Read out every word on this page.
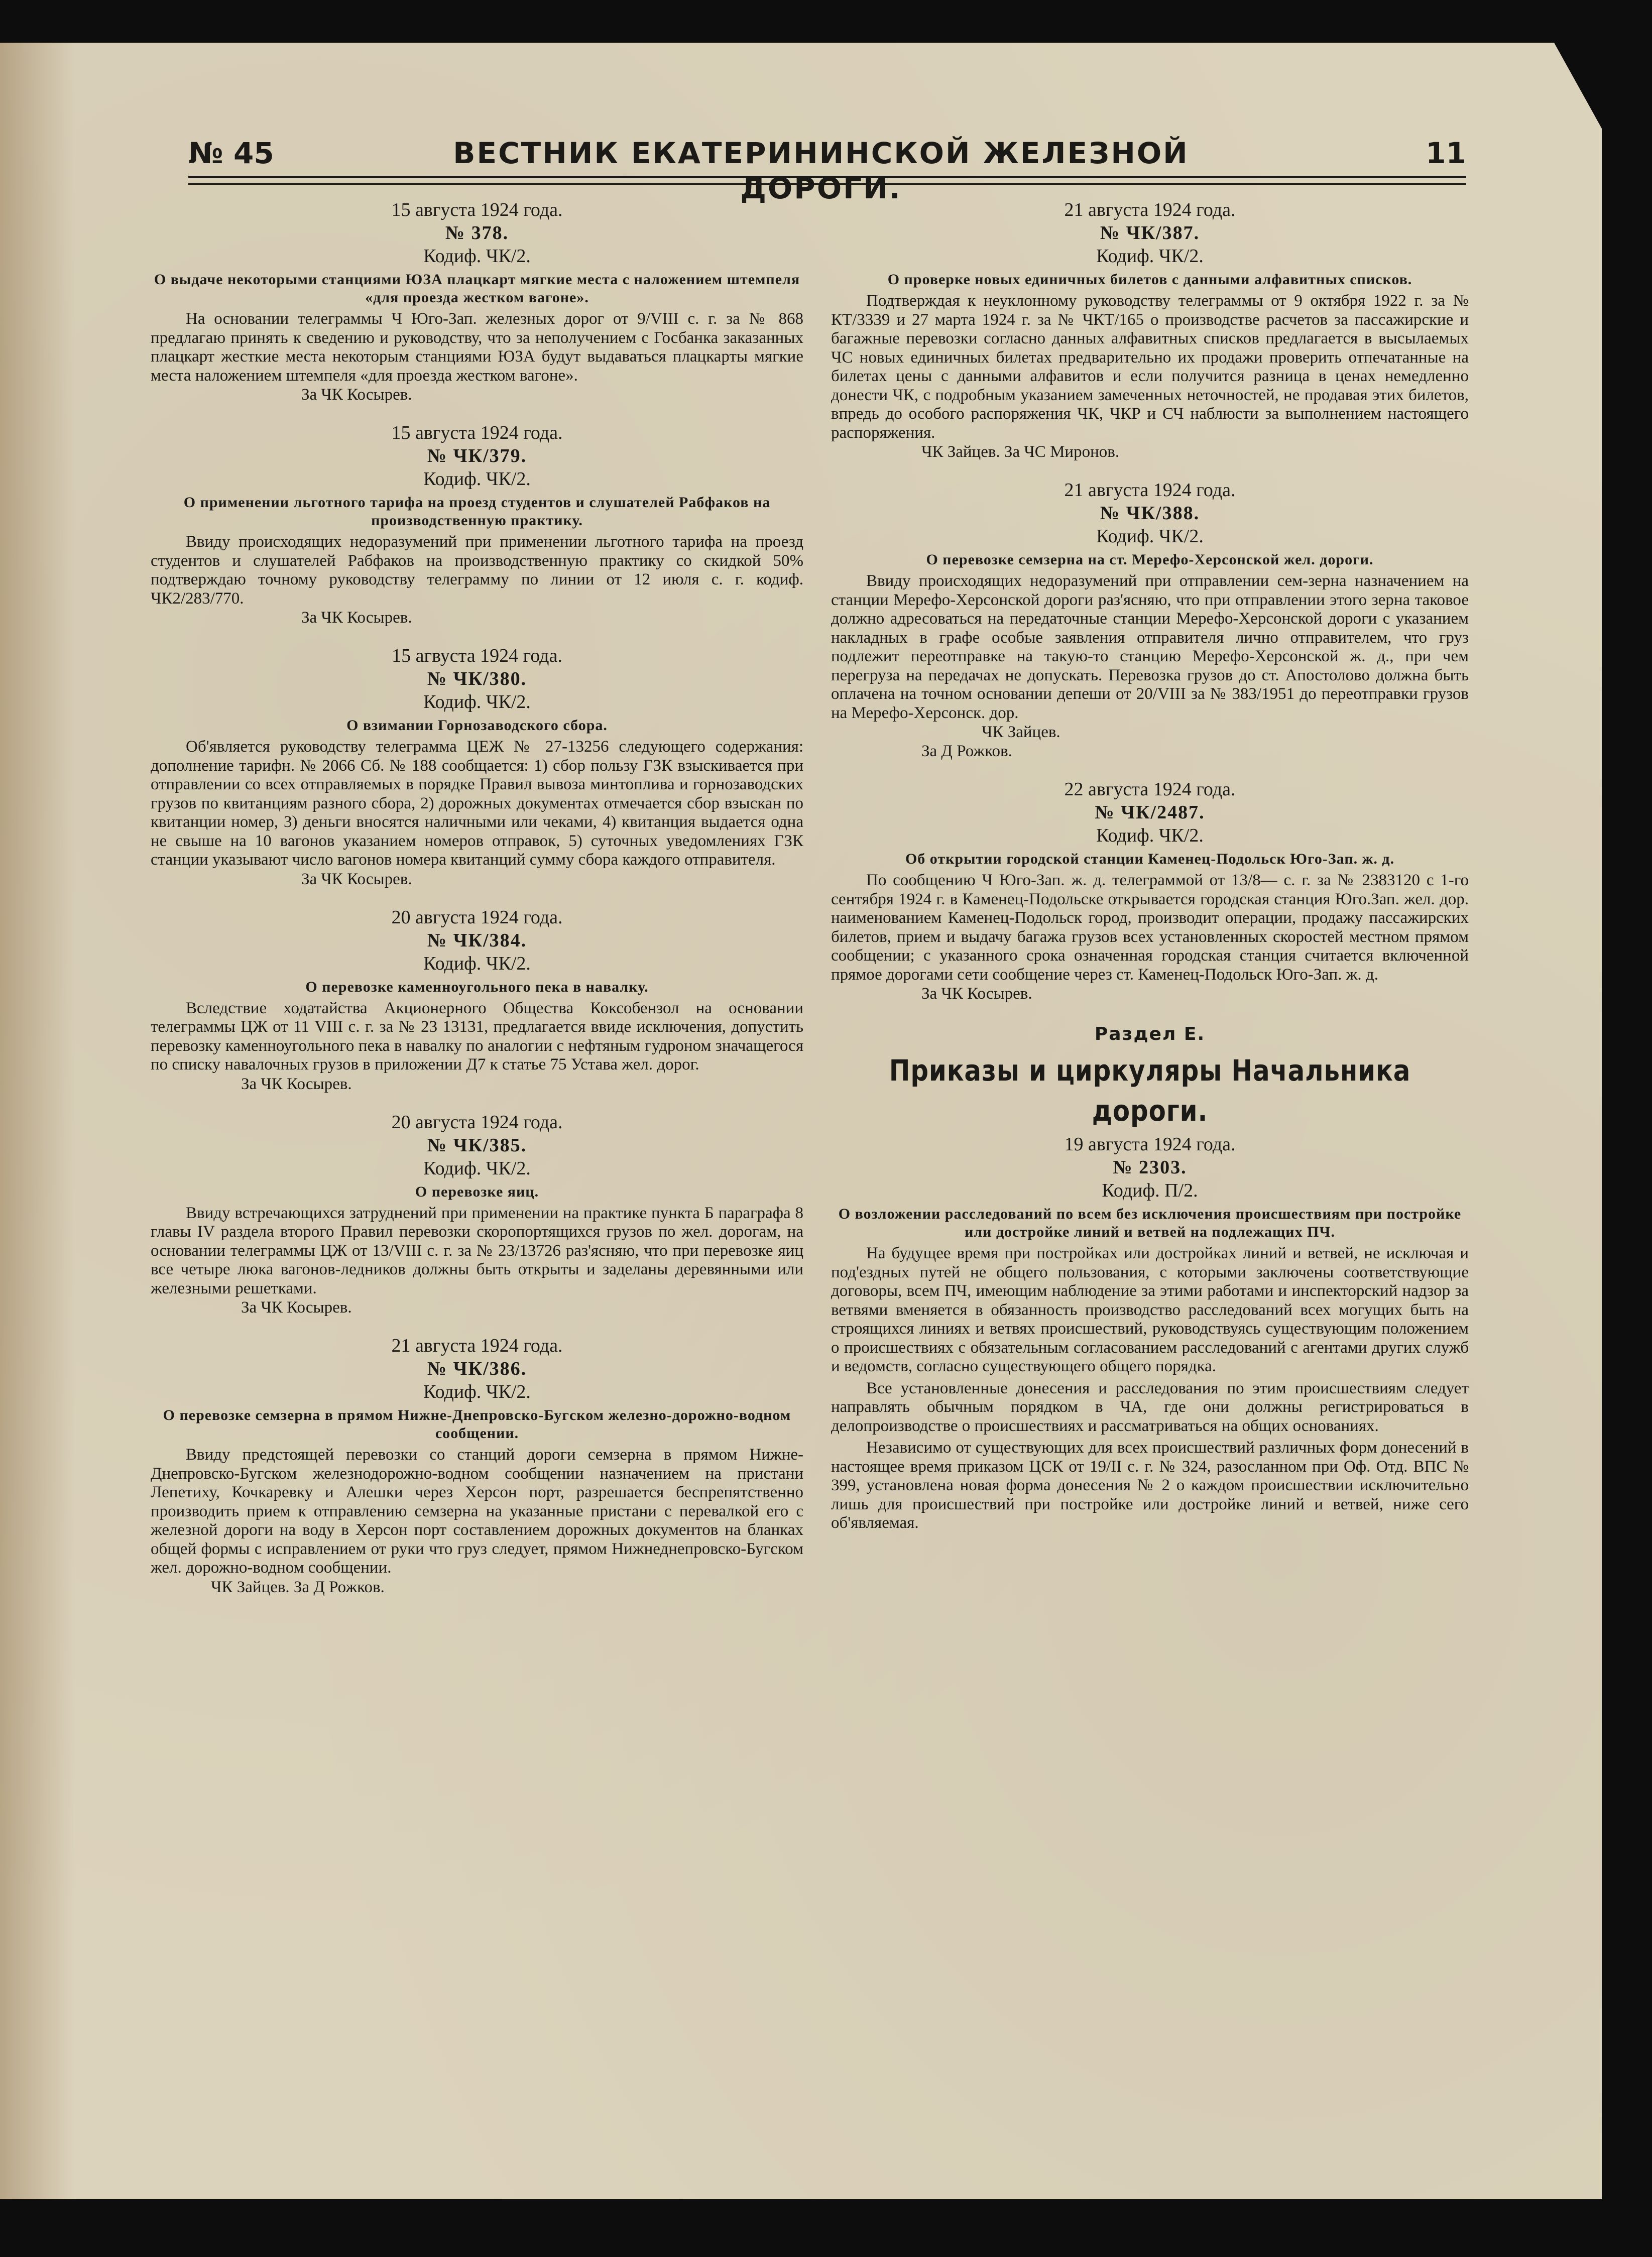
№ 45	ВЕСТНИК ЕКАТЕРИНИНСКОЙ ЖЕЛЕЗНОЙ ДОРОГИ.
11

15 августа 1924 года.

№ 378.

Кодиф. ЧК/2.

О выдаче некоторыми станциями ЮЗА плацкарт мягкие места с наложением штемпеля «для проезда жестком вагоне».

На основании телеграммы Ч Юго-Зап. железных дорог от 9/VIII с. г. за № 868 предлагаю принять к сведению и руководству, что за неполучением с Госбанка заказанных плацкарт жесткие места некоторым станциями ЮЗА будут выдаваться плацкарты мягкие места наложением штемпеля «для проезда жестком вагоне».

За ЧК Косырев.

15 августа 1924 года.

№ ЧК/379.

Кодиф. ЧК/2.

О применении льготного тарифа на проезд студентов и слушателей Рабфаков на производственную практику.

Ввиду происходящих недоразумений при применении льготного тарифа на проезд студентов и слушателей Рабфаков на производственную практику со скидкой 50% подтверждаю точному руководству телеграмму по линии от 12 июля с. г. кодиф. ЧК2/283/770.

За ЧК Косырев.

15 агвуста 1924 года.

№ ЧК/380.

Кодиф. ЧК/2.

О взимании Горнозаводского сбора.

Об'является руководству телеграмма ЦЕЖ № 27-13256 следующего содержания: дополнение тарифн. № 2066 Сб. № 188 сообщается: 1) сбор пользу ГЗК взыскивается при отправлении со всех отправляемых в порядке Правил вывоза минтоплива и горнозаводских грузов по квитанциям разного сбора, 2) дорожных документах отмечается сбор взыскан по квитанции номер, 3) деньги вносятся наличными или чеками, 4) квитанция выдается одна не свыше на 10 вагонов указанием номеров отправок, 5) суточных уведомлениях ГЗК станции указывают число вагонов номера квитанций сумму сбора каждого отправителя.

За ЧК Косырев.

20 августа 1924 года.

№ ЧК/384.

Кодиф. ЧК/2.

О перевозке каменноугольного пека в навалку.

Вследствие ходатайства Акционерного Общества Коксобензол на основании телеграммы ЦЖ от 11 VIII с. г. за № 23 13131, предлагается ввиде исключения, допустить перевозку каменноугольного пека в навалку по аналогии с нефтяным гудроном значащегося по списку навалочных грузов в приложении Д7 к статье 75 Устава жел. дорог.

За ЧК Косырев.

20 августа 1924 года.

№ ЧК/385.

Кодиф. ЧК/2.

О перевозке яиц.

Ввиду встречающихся затруднений при применении на практике пункта Б параграфа 8 главы IV раздела второго Правил перевозки скоропортящихся грузов по жел. дорогам, на основании телеграммы ЦЖ от 13/VIII с. г. за № 23/13726 раз'ясняю, что при перевозке яиц все четыре люка вагонов-ледников должны быть открыты и заделаны деревянными или железными решетками.

За ЧК Косырев.

21 августа 1924 года.

№ ЧК/386.

Кодиф. ЧК/2.

О перевозке семзерна в прямом Нижне-Днепровско-Бугском железно-дорожно-водном сообщении.

Ввиду предстоящей перевозки со станций дороги семзерна в прямом Нижне-Днепровско-Бугском железнодорожно-водном сообщении назначением на пристани Лепетиху, Кочкаревку и Алешки через Херсон порт, разрешается беспрепятственно производить прием к отправлению семзерна на указанные пристани с перевалкой его с железной дороги на воду в Херсон порт составлением дорожных документов на бланках общей формы с исправлением от руки что груз следует, прямом Нижнеднепровско-Бугском жел. дорожно-водном сообщении.

ЧК Зайцев. За Д Рожков.

21 августа 1924 года.

№ ЧК/387.

Кодиф. ЧК/2.

О проверке новых единичных билетов с данными алфавитных списков.

Подтверждая к неуклонному руководству телеграммы от 9 октября 1922 г. за № КТ/3339 и 27 марта 1924 г. за № ЧКТ/165 о производстве расчетов за пассажирские и багажные перевозки согласно данных алфавитных списков предлагается в высылаемых ЧС новых единичных билетах предварительно их продажи проверить отпечатанные на билетах цены с данными алфавитов и если получится разница в ценах немедленно донести ЧК, с подробным указанием замеченных неточностей, не продавая этих билетов, впредь до особого распоряжения ЧК, ЧКР и СЧ наблюсти за выполнением настоящего распоряжения.

ЧК Зайцев. За ЧС Миронов.

21 августа 1924 года.

№ ЧК/388.

Кодиф. ЧК/2.

О перевозке семзерна на ст. Мерефо-Херсонской жел. дороги.

Ввиду происходящих недоразумений при отправлении сем-зерна назначением на станции Мерефо-Херсонской дороги раз'ясняю, что при отправлении этого зерна таковое должно адресоваться на передаточные станции Мерефо-Херсонской дороги с указанием накладных в графе особые заявления отправителя лично отправителем, что груз подлежит переотправке на такую-то станцию Мерефо-Херсонской ж. д., при чем перегруза на передачах не допускать. Перевозка грузов до ст. Апостолово должна быть оплачена на точном основании депеши от 20/VIII за № 383/1951 до переотправки грузов на Мерефо-Херсонск. дор.

ЧК Зайцев.

За Д Рожков.

22 августа 1924 года.

№ ЧК/2487.

Кодиф. ЧК/2.

Об открытии городской станции Каменец-Подольск Юго-Зап. ж. д.

По сообщению Ч Юго-Зап. ж. д. телеграммой от 13/8— с. г. за № 2383120 с 1-го сентября 1924 г. в Каменец-Подольске открывается городская станция Юго.Зап. жел. дор. наименованием Каменец-Подольск город, производит операции, продажу пассажирских билетов, прием и выдачу багажа грузов всех установленных скоростей местном прямом сообщении; с указанного срока означенная городская станция считается включенной прямое дорогами сети сообщение через ст. Каменец-Подольск Юго-Зап. ж. д.

За ЧК Косырев.

Раздел Е.
Приказы и циркуляры Начальника дороги.

19 августа 1924 года.

№ 2303.

Кодиф. П/2.

О возложении расследований по всем без исключения происшествиям при постройке или достройке линий и ветвей на подлежащих ПЧ.

На будущее время при постройках или достройках линий и ветвей, не исключая и под'ездных путей не общего пользования, с которыми заключены соответствующие договоры, всем ПЧ, имеющим наблюдение за этими работами и инспекторский надзор за ветвями вменяется в обязанность производство расследований всех могущих быть на строящихся линиях и ветвях происшествий, руководствуясь существующим положением о происшествиях с обязательным согласованием расследований с агентами других служб и ведомств, согласно существующего общего порядка.

Все установленные донесения и расследования по этим происшествиям следует направлять обычным порядком в ЧА, где они должны регистрироваться в делопроизводстве о происшествиях и рассматриваться на общих основаниях.

Независимо от существующих для всех происшествий различных форм донесений в настоящее время приказом ЦСК от 19/II с. г. № 324, разосланном при Оф. Отд. ВПС № 399, установлена новая форма донесения № 2 о каждом происшествии исключительно лишь для происшествий при постройке или достройке линий и ветвей, ниже сего об'являемая.
